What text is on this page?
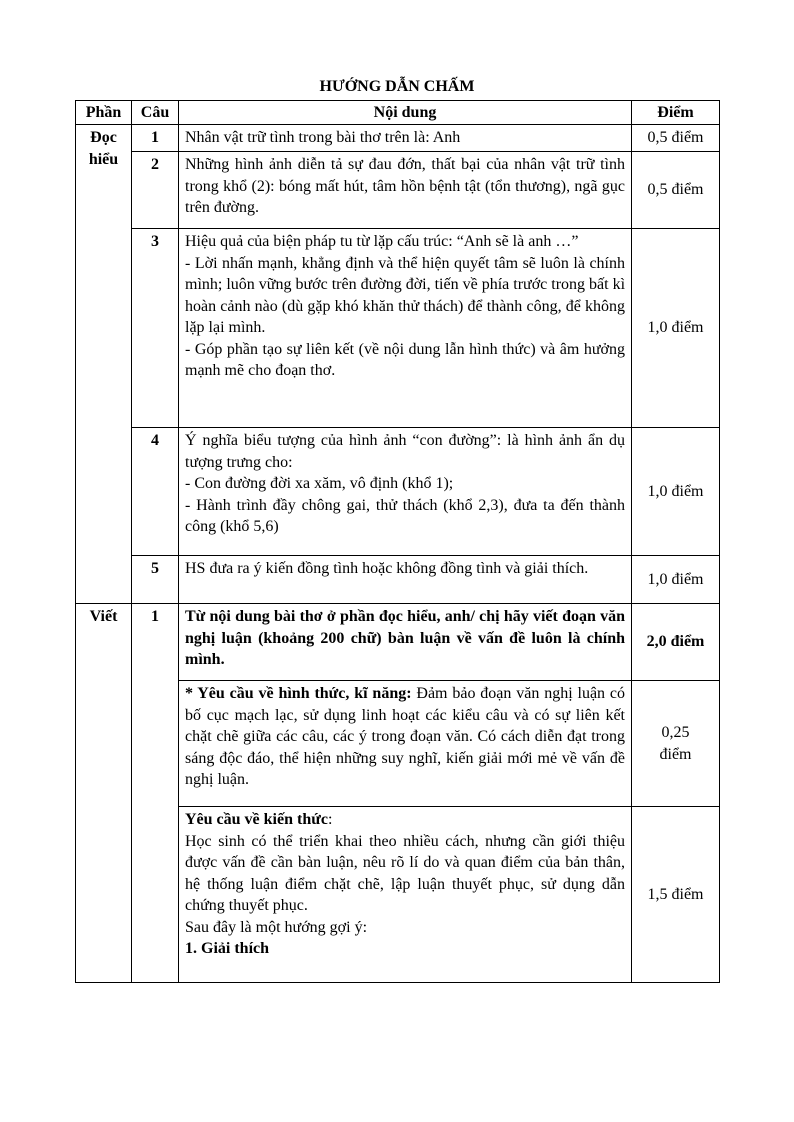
HƯỚNG DẪN CHẤM
Phần	Câu	Nội dung	Điểm

Đọc hiểu	1	Nhân vật trữ tình trong bài thơ trên là: Anh	0,5 điểm
	2	Những hình ảnh diễn tả sự đau đớn, thất bại của nhân vật trữ tình trong khổ (2): bóng mất hút, tâm hồn bệnh tật (tổn thương), ngã gục trên đường.	0,5 điểm
	3	Hiệu quả của biện pháp tu từ lặp cấu trúc: “Anh sẽ là anh …”
- Lời nhấn mạnh, khẳng định và thể hiện quyết tâm sẽ luôn là chính mình; luôn vững bước trên đường đời, tiến về phía trước trong bất kì hoàn cảnh nào (dù gặp khó khăn thử thách) để thành công, để không lặp lại mình.
- Góp phần tạo sự liên kết (về nội dung lẫn hình thức) và âm hưởng mạnh mẽ cho đoạn thơ.	1,0 điểm
	4	Ý nghĩa biểu tượng của hình ảnh “con đường”: là hình ảnh ẩn dụ tượng trưng cho:
- Con đường đời xa xăm, vô định (khổ 1);
- Hành trình đầy chông gai, thử thách (khổ 2,3), đưa ta đến thành công (khổ 5,6)	1,0 điểm
	5	HS đưa ra ý kiến đồng tình hoặc không đồng tình và giải thích.	1,0 điểm
Viết	1	Từ nội dung bài thơ ở phần đọc hiểu, anh/ chị hãy viết đoạn văn nghị luận (khoảng 200 chữ) bàn luận về vấn đề luôn là chính mình.	2,0 điểm
		* Yêu cầu về hình thức, kĩ năng: Đảm bảo đoạn văn nghị luận có bố cục mạch lạc, sử dụng linh hoạt các kiểu câu và có sự liên kết chặt chẽ giữa các câu, các ý trong đoạn văn. Có cách diễn đạt trong sáng độc đáo, thể hiện những suy nghĩ, kiến giải mới mẻ về vấn đề nghị luận.	0,25
điểm

		Yêu cầu về kiến thức:
Học sinh có thể triển khai theo nhiều cách, nhưng cần giới thiệu được vấn đề cần bàn luận, nêu rõ lí do và quan điểm của bản thân, hệ thống luận điểm chặt chẽ, lập luận thuyết phục, sử dụng dẫn chứng thuyết phục.
Sau đây là một hướng gợi ý:
1. Giải thích	1,5 điểm
